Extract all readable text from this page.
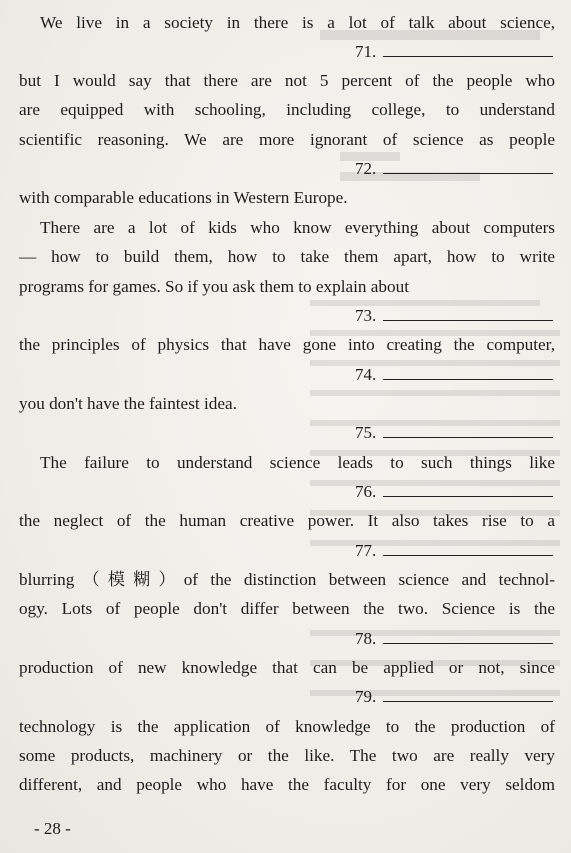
We live in a society in there is a lot of talk about science,
71.
but I would say that there are not 5 percent of the people who
are equipped with schooling, including college, to understand
scientific reasoning. We are more ignorant of science as people
72.
with comparable educations in Western Europe.
There are a lot of kids who know everything about computers
— how to build them, how to take them apart, how to write
programs for games. So if you ask them to explain about
73.
the principles of physics that have gone into creating the computer,
74.
you don't have the faintest idea.
75.
The failure to understand science leads to such things like
76.
the neglect of the human creative power. It also takes rise to a
77.
blurring（模糊）of the distinction between science and technol-
ogy. Lots of people don't differ between the two. Science is the
78.
production of new knowledge that can be applied or not, since
79.
technology is the application of knowledge to the production of
some products, machinery or the like. The two are really very
different, and people who have the faculty for one very seldom
- 28 -
